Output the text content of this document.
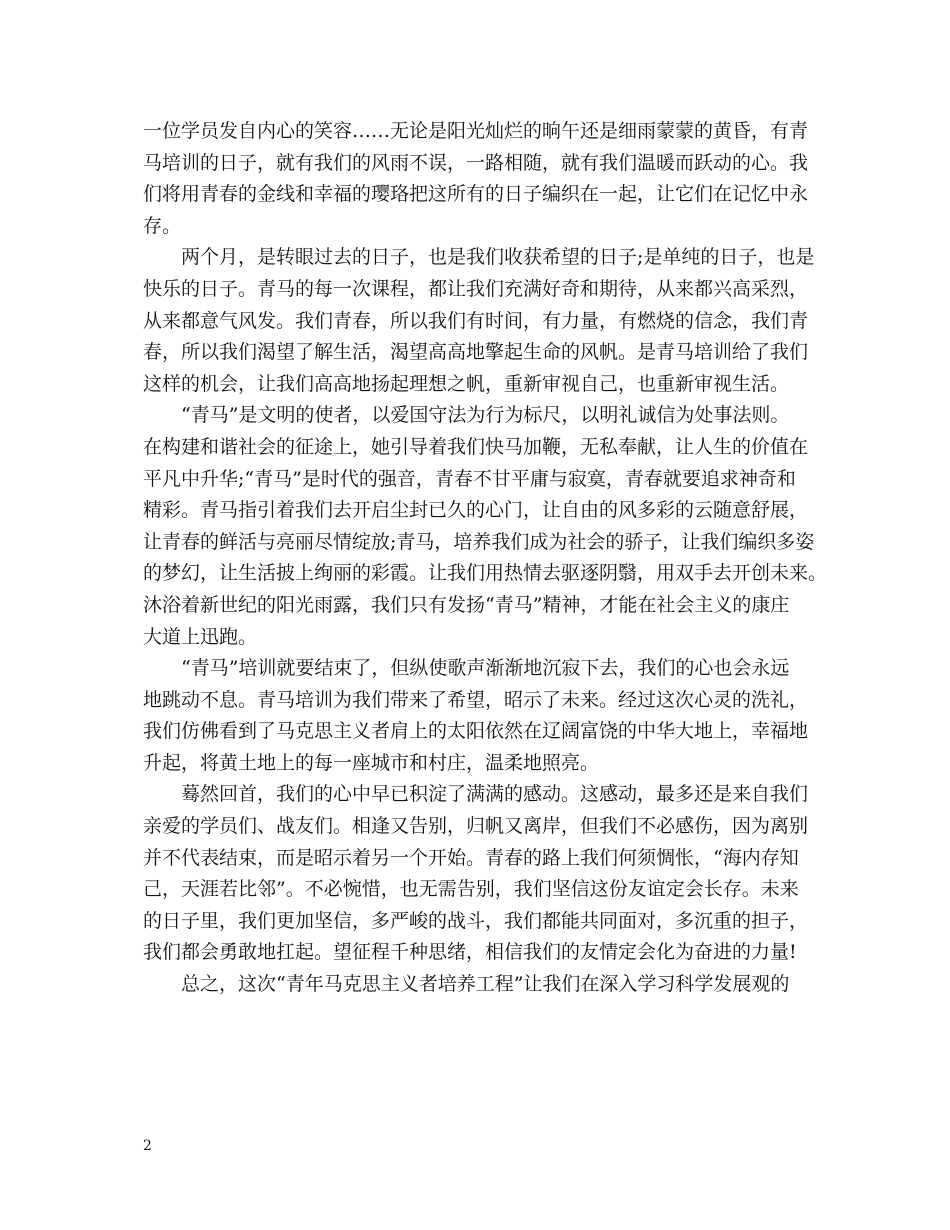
一位学员发自内心的笑容……无论是阳光灿烂的晌午还是细雨蒙蒙的黄昏，有青
马培训的日子，就有我们的风雨不误，一路相随，就有我们温暖而跃动的心。我
们将用青春的金线和幸福的璎珞把这所有的日子编织在一起，让它们在记忆中永
存。
　　两个月，是转眼过去的日子，也是我们收获希望的日子;是单纯的日子，也是
快乐的日子。青马的每一次课程，都让我们充满好奇和期待，从来都兴高采烈，
从来都意气风发。我们青春，所以我们有时间，有力量，有燃烧的信念，我们青
春，所以我们渴望了解生活，渴望高高地擎起生命的风帆。是青马培训给了我们
这样的机会，让我们高高地扬起理想之帆，重新审视自己，也重新审视生活。
　　“青马”是文明的使者，以爱国守法为行为标尺，以明礼诚信为处事法则。
在构建和谐社会的征途上，她引导着我们快马加鞭，无私奉献，让人生的价值在
平凡中升华;“青马”是时代的强音，青春不甘平庸与寂寞，青春就要追求神奇和
精彩。青马指引着我们去开启尘封已久的心门，让自由的风多彩的云随意舒展，
让青春的鲜活与亮丽尽情绽放;青马，培养我们成为社会的骄子，让我们编织多姿
的梦幻，让生活披上绚丽的彩霞。让我们用热情去驱逐阴翳，用双手去开创未来。
沐浴着新世纪的阳光雨露，我们只有发扬“青马”精神，才能在社会主义的康庄
大道上迅跑。
　　“青马”培训就要结束了，但纵使歌声渐渐地沉寂下去，我们的心也会永远
地跳动不息。青马培训为我们带来了希望，昭示了未来。经过这次心灵的洗礼，
我们仿佛看到了马克思主义者肩上的太阳依然在辽阔富饶的中华大地上，幸福地
升起，将黄土地上的每一座城市和村庄，温柔地照亮。
　　蓦然回首，我们的心中早已积淀了满满的感动。这感动，最多还是来自我们
亲爱的学员们、战友们。相逢又告别，归帆又离岸，但我们不必感伤，因为离别
并不代表结束，而是昭示着另一个开始。青春的路上我们何须惆怅，“海内存知
己，天涯若比邻”。不必惋惜，也无需告别，我们坚信这份友谊定会长存。未来
的日子里，我们更加坚信，多严峻的战斗，我们都能共同面对，多沉重的担子，
我们都会勇敢地扛起。望征程千种思绪，相信我们的友情定会化为奋进的力量!
　　总之，这次“青年马克思主义者培养工程”让我们在深入学习科学发展观的
2
